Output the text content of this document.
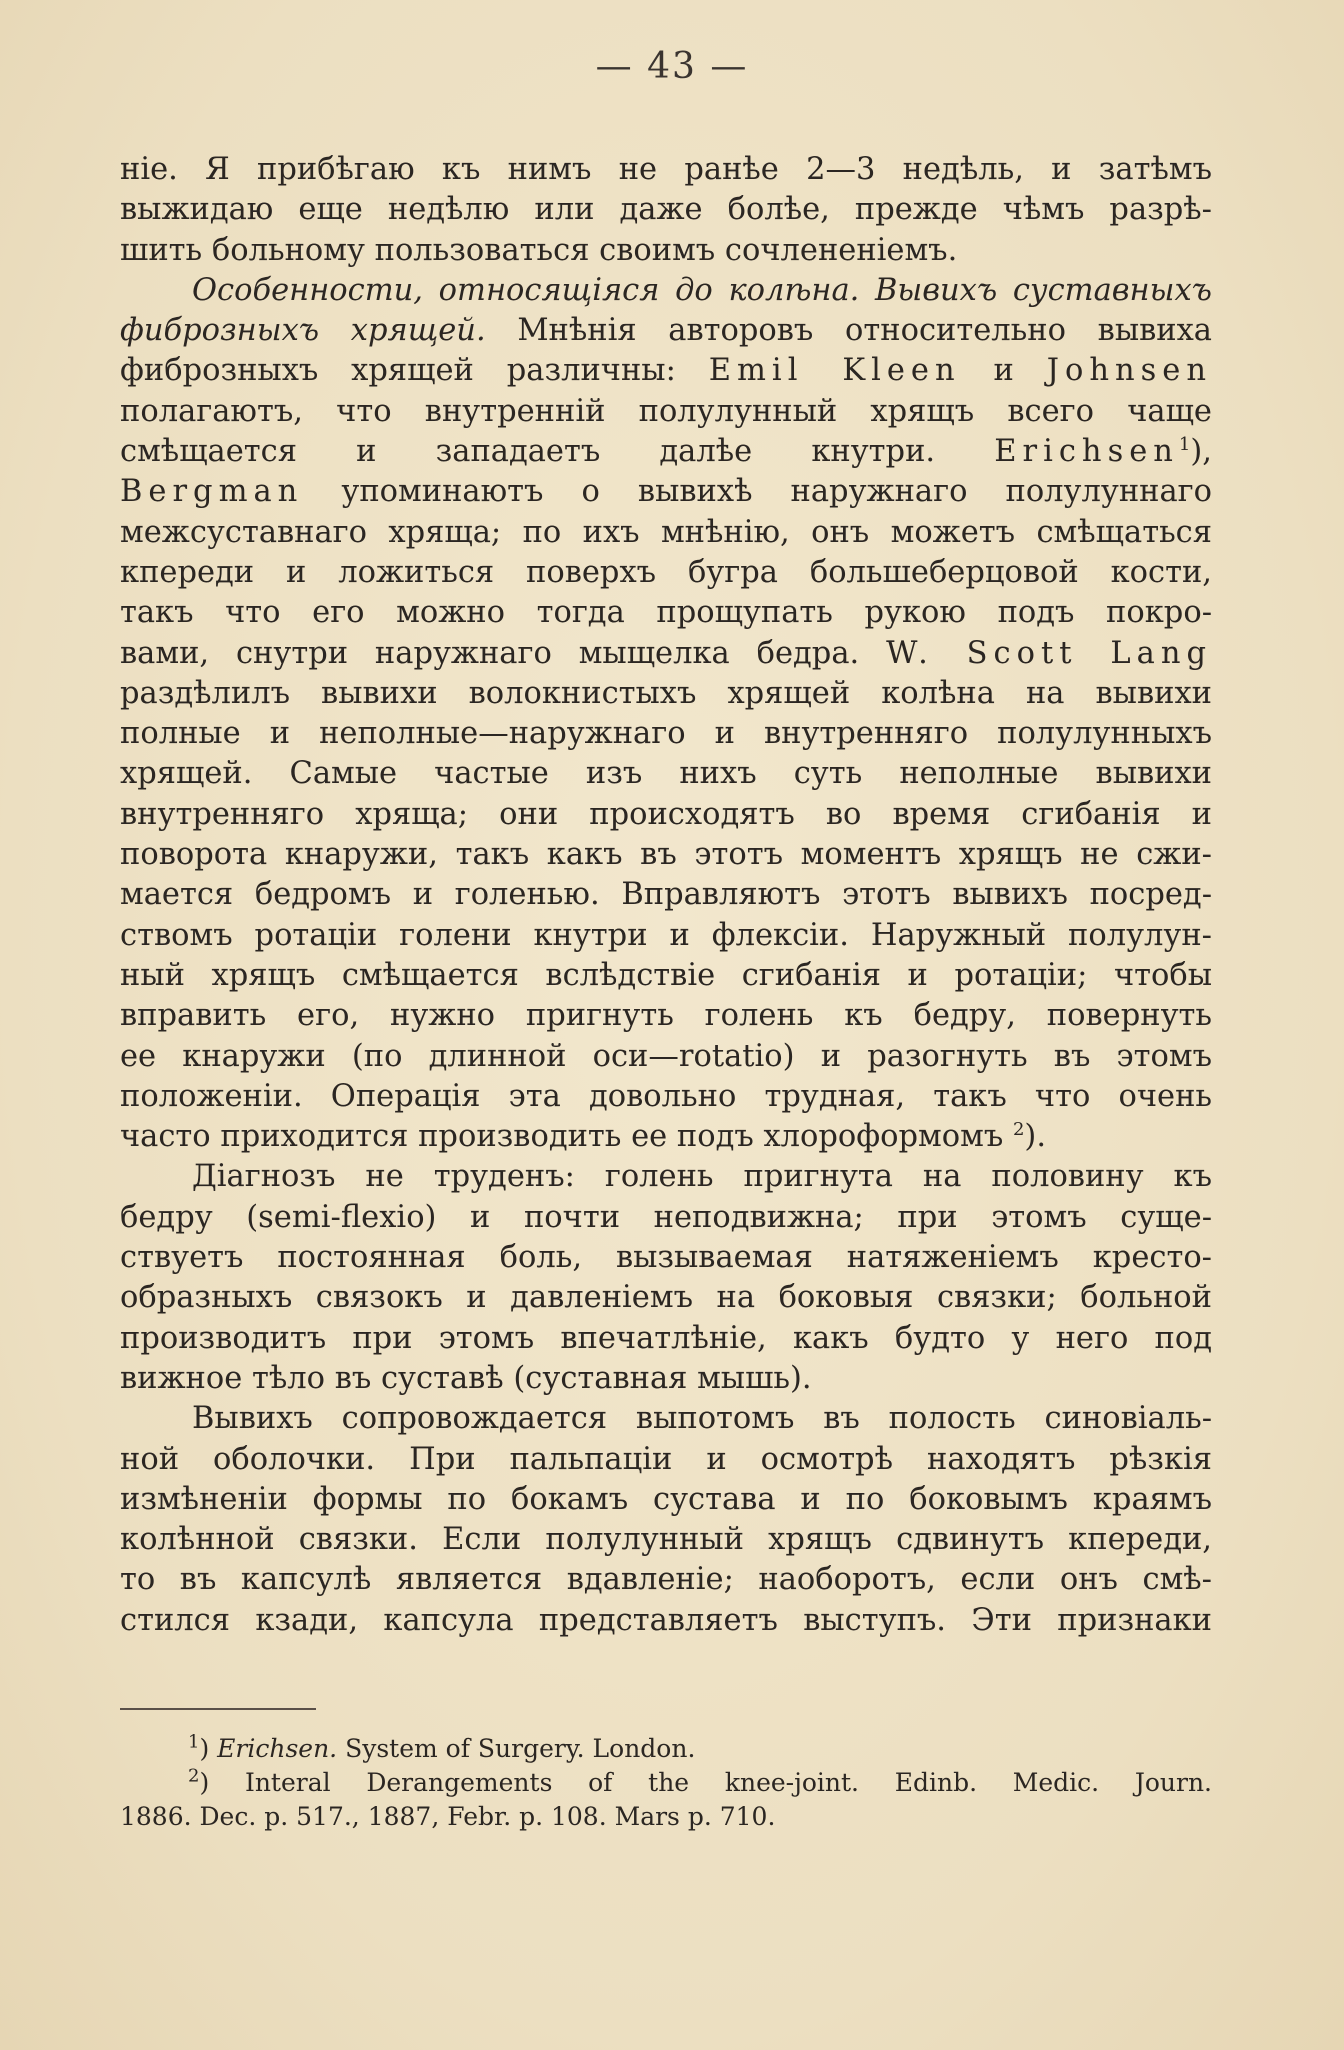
— 43 —
ніе. Я прибѣгаю къ нимъ не ранѣе 2—3 недѣль, и затѣмъ
выжидаю еще недѣлю или даже болѣе, прежде чѣмъ разрѣ-
шить больному пользоваться своимъ сочлененіемъ.
Особенности, относящіяся до колѣна. Вывихъ суставныхъ
фиброзныхъ хрящей. Мнѣнія авторовъ относительно вывиха
фиброзныхъ хрящей различны: Emil Kleen и Johnsen
полагаютъ, что внутренній полулунный хрящъ всего чаще
смѣщается и западаетъ далѣе кнутри. Erichsen$^1$),
Bergman упоминаютъ о вывихѣ наружнаго полулуннаго
межсуставнаго хряща; по ихъ мнѣнію, онъ можетъ смѣщаться
кпереди и ложиться поверхъ бугра большеберцовой кости,
такъ что его можно тогда прощупать рукою подъ покро-
вами, снутри наружнаго мыщелка бедра. W. Scott Lang
раздѣлилъ вывихи волокнистыхъ хрящей колѣна на вывихи
полные и неполные—наружнаго и внутренняго полулунныхъ
хрящей. Самые частые изъ нихъ суть неполные вывихи
внутренняго хряща; они происходятъ во время сгибанія и
поворота кнаружи, такъ какъ въ этотъ моментъ хрящъ не сжи-
мается бедромъ и голенью. Вправляютъ этотъ вывихъ посред-
ствомъ ротаціи голени кнутри и флексіи. Наружный полулун-
ный хрящъ смѣщается вслѣдствіе сгибанія и ротаціи; чтобы
вправить его, нужно пригнуть голень къ бедру, повернуть
ее кнаружи (по длинной оси—rotatio) и разогнуть въ этомъ
положеніи. Операція эта довольно трудная, такъ что очень
часто приходится производить ее подъ хлороформомъ $^2$).
Діагнозъ не труденъ: голень пригнута на половину къ
бедру (semi-flexio) и почти неподвижна; при этомъ суще-
ствуетъ постоянная боль, вызываемая натяженіемъ кресто-
образныхъ связокъ и давленіемъ на боковыя связки; больной
производитъ при этомъ впечатлѣніе, какъ будто у него под
вижное тѣло въ суставѣ (суставная мышь).
Вывихъ сопровождается выпотомъ въ полость синовіаль-
ной оболочки. При пальпаціи и осмотрѣ находятъ рѣзкія
измѣненіи формы по бокамъ сустава и по боковымъ краямъ
колѣнной связки. Если полулунный хрящъ сдвинутъ кпереди,
то въ капсулѣ является вдавленіе; наоборотъ, если онъ смѣ-
стился кзади, капсула представляетъ выступъ. Эти признаки
$^1$) Erichsen. System of Surgery. London.
$^2$) Interal Derangements of the knee-joint. Edinb. Medic. Journ.
1886. Dec. p. 517., 1887, Febr. p. 108. Mars p. 710.
